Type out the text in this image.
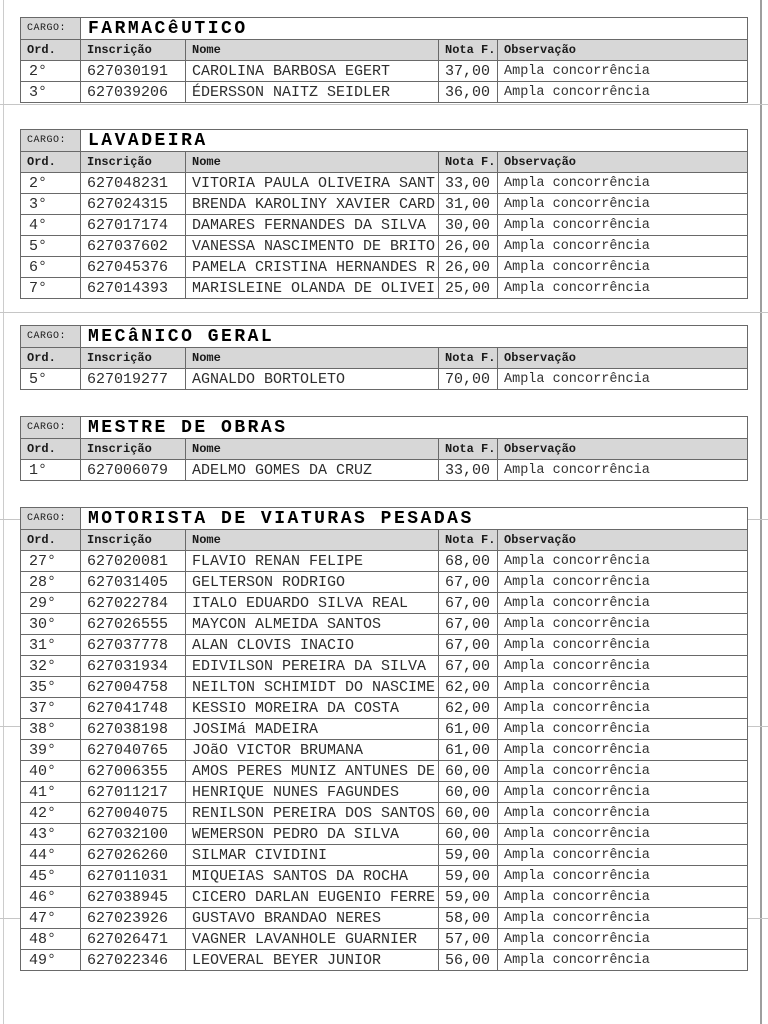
CARGO:	FARMACêUTICO			
Ord.	Inscrição	Nome	Nota F.	Observação
2°	627030191	CAROLINA BARBOSA EGERT	37,00	Ampla concorrência
3°	627039206	ÉDERSSON NAITZ SEIDLER	36,00	Ampla concorrência
CARGO:	LAVADEIRA			
Ord.	Inscrição	Nome	Nota F.	Observação
2°	627048231	VITORIA PAULA OLIVEIRA SANT	33,00	Ampla concorrência
3°	627024315	BRENDA KAROLINY XAVIER CARD	31,00	Ampla concorrência
4°	627017174	DAMARES FERNANDES DA SILVA	30,00	Ampla concorrência
5°	627037602	VANESSA NASCIMENTO DE BRITO	26,00	Ampla concorrência
6°	627045376	PAMELA CRISTINA HERNANDES R	26,00	Ampla concorrência
7°	627014393	MARISLEINE OLANDA DE OLIVEI	25,00	Ampla concorrência
CARGO:	MECâNICO GERAL			
Ord.	Inscrição	Nome	Nota F.	Observação
5°	627019277	AGNALDO BORTOLETO	70,00	Ampla concorrência
CARGO:	MESTRE DE OBRAS			
Ord.	Inscrição	Nome	Nota F.	Observação
1°	627006079	ADELMO GOMES DA CRUZ	33,00	Ampla concorrência
CARGO:	MOTORISTA DE VIATURAS PESADAS			
Ord.	Inscrição	Nome	Nota F.	Observação
27°	627020081	FLAVIO RENAN FELIPE	68,00	Ampla concorrência
28°	627031405	GELTERSON RODRIGO	67,00	Ampla concorrência
29°	627022784	ITALO EDUARDO SILVA REAL	67,00	Ampla concorrência
30°	627026555	MAYCON ALMEIDA SANTOS	67,00	Ampla concorrência
31°	627037778	ALAN CLOVIS INACIO	67,00	Ampla concorrência
32°	627031934	EDIVILSON PEREIRA DA SILVA	67,00	Ampla concorrência
35°	627004758	NEILTON SCHIMIDT DO NASCIME	62,00	Ampla concorrência
37°	627041748	KESSIO MOREIRA DA COSTA	62,00	Ampla concorrência
38°	627038198	JOSIMá MADEIRA	61,00	Ampla concorrência
39°	627040765	JOãO VICTOR BRUMANA	61,00	Ampla concorrência
40°	627006355	AMOS PERES MUNIZ ANTUNES DE	60,00	Ampla concorrência
41°	627011217	HENRIQUE NUNES FAGUNDES	60,00	Ampla concorrência
42°	627004075	RENILSON PEREIRA DOS SANTOS	60,00	Ampla concorrência
43°	627032100	WEMERSON PEDRO DA SILVA	60,00	Ampla concorrência
44°	627026260	SILMAR CIVIDINI	59,00	Ampla concorrência
45°	627011031	MIQUEIAS SANTOS DA ROCHA	59,00	Ampla concorrência
46°	627038945	CICERO DARLAN EUGENIO FERRE	59,00	Ampla concorrência
47°	627023926	GUSTAVO BRANDAO NERES	58,00	Ampla concorrência
48°	627026471	VAGNER LAVANHOLE GUARNIER	57,00	Ampla concorrência
49°	627022346	LEOVERAL BEYER JUNIOR	56,00	Ampla concorrência
